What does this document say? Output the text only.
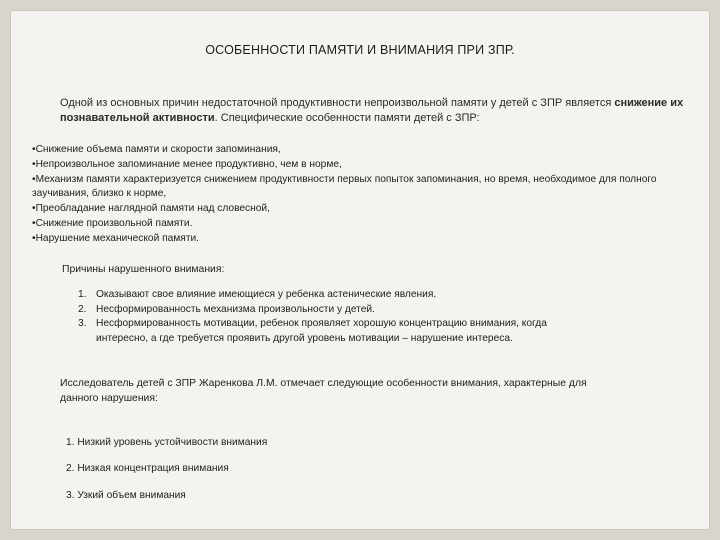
ОСОБЕННОСТИ ПАМЯТИ И ВНИМАНИЯ ПРИ ЗПР.

Одной из основных причин недостаточной продуктивности непроизвольной памяти у детей с ЗПР является снижение их познавательной активности. Специфические особенности памяти детей с ЗПР:

•Снижение объема памяти и скорости запоминания,
•Непроизвольное запоминание менее продуктивно, чем в норме,
•Механизм памяти характеризуется снижением продуктивности первых попыток запоминания, но время, необходимое для полного заучивания, близко к норме,
•Преобладание наглядной памяти над словесной,
•Снижение произвольной памяти.
•Нарушение механической памяти.

Причины нарушенного внимания:

1. Оказывают свое влияние имеющиеся у ребенка астенические явления.
2. Несформированность механизма произвольности у детей.
3. Несформированность мотивации, ребенок проявляет хорошую концентрацию внимания, когда интересно, а где требуется проявить другой уровень мотивации – нарушение интереса.

Исследователь детей с ЗПР Жаренкова Л.М. отмечает следующие особенности внимания, характерные для данного нарушения:

1. Низкий уровень устойчивости внимания

2. Низкая концентрация внимания

3. Узкий объем внимания
